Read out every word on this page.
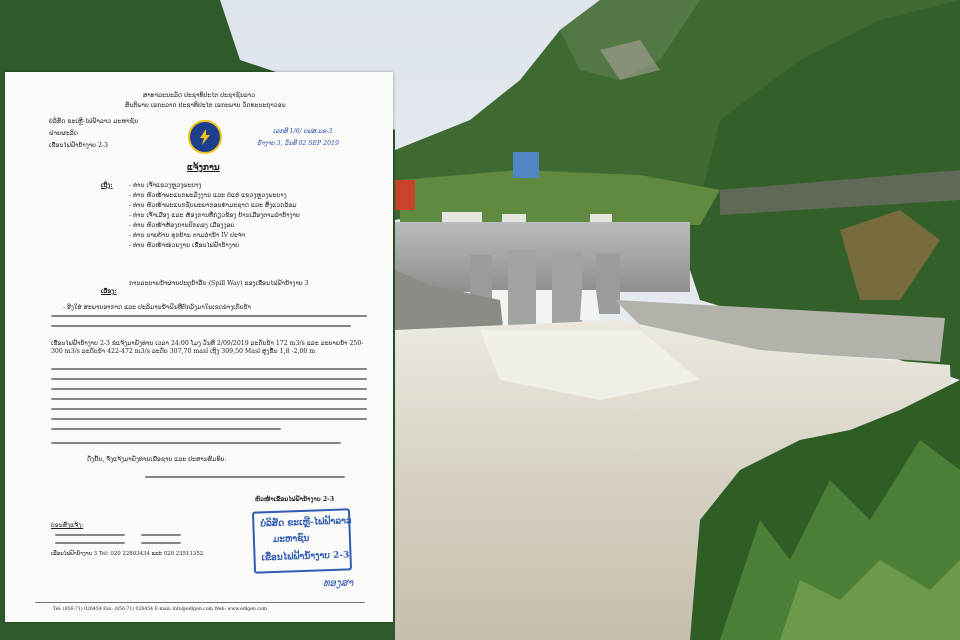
ສາທາລະນະລັດ ປະຊາທິປະໄຕ ປະຊາຊົນລາວ
ສັນຕິພາບ ເອກະລາດ ປະຊາທິປະໄຕ ເອກະພາບ ວັດທະນະຖາວອນ
ບໍລິສັດ ຂະເຫຼີ-ໄຟຟ້າລາວ ມະຫາຊົນ
ຝ່າຍຜະລິດ
ເຂື່ອນໄຟຟ້ານ້ຳງາບ 2-3
ເລກທີ 1/6/ ບຟສ.ນຂ-3
ນ້ຳງາບ 3, ວັນທີ 02 SEP 2019
ແຈ້ງການ
ເຖິງ:	- ທ່ານ ເຈົ້າແຂວງຫຼວງພະບາງ
- ທ່ານ ຫົວໜ້າພະແນກພະລັງງານ ແລະ ບໍ່ແຮ່ ແຂວງຫຼວງພະບາງ
- ທ່ານ ຫົວໜ້າພະແນກຊັບພະຍາກອນທຳມະຊາດ ແລະ ສິ່ງແວດລ້ອມ
- ທ່ານ ເຈົ້າເມືອງ ແລະ ຫ້ອງການທີ່ກ່ຽວຂ້ອງ ບ້ານເມືອງຕາມລຳນ້ຳງາບ
- ທ່ານ ຫົວໜ້າຫ້ອງການປົກຄອງ ເມືອງງອຍ
- ທ່ານ ນາຍບ້ານ ທຸກບ້ານ ຕາມລຳນ້ຳ IV ປະຈຳ
- ທ່ານ ຫົວໜ້າໜ່ວຍງານ ເຂື່ອນໄຟຟ້ານ້ຳງາບ
ເລື່ອງ:
ການລະບາຍນ້ຳຜ່ານປະຕູນ້ຳລົ້ນ (Spill Way) ຂອງເຂື່ອນໄຟຟ້ານ້ຳງາບ 3
- ອີງໃສ່ ສະພາບອາກາດ ແລະ ປະລິມານນ້ຳຝົນທີ່ຕົກລົງມາໃນເຂດອ່າງເກັບນ້ຳ
ເຂື່ອນໄຟຟ້ານ້ຳງາບ 2-3 ຂໍແຈ້ງມາຍັງທ່ານ ເວລາ 24:00 ໂມງ ວັນທີ 2/09/2019 ລະດັບນ້ຳ 172 m3/s ແລະ ລະບາຍນ້ຳ 250-300 m3/s ລະດັບນ້ຳ 422-472 m3/s ລະດັບ 307,70 masl ເຖິງ 309,50 Masl ສູງຂຶ້ນ 1,8 -2,00 m
ດັ່ງນັ້ນ, ຈຶ່ງແຈ້ງມາຍັງທ່ານເພື່ອຊາບ ແລະ ປະສານສົມທົບ.
ຫົວໜ້າເຂື່ອນໄຟຟ້ານ້ຳງາບ 2-3
ບໍລິສັດ ຂະເຫຼີ-ໄຟຟ້າລາວ
ມະຫາຊົນ
ເຂື່ອນໄຟຟ້ານ້ຳງາບ 2-3
ທອງສາ
ບ່ອນສົ່ງແຈ້ງ:
ເຂື່ອນໄຟຟ້ານ້ຳງາບ 3 Tel: 020 22803434 ແລະ 020 23511352
Tel: (856-71) 026454 Fax: (856-71) 026454 E-mail: info@edlgen.com Web: www.edlgen.com
